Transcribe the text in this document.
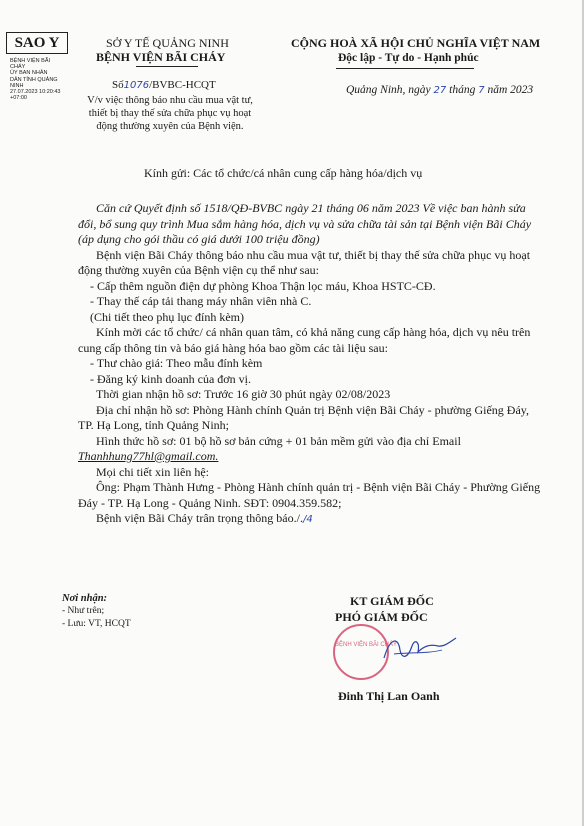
SAO Y
BỆNH VIỆN BÃI
CHÁY
ỦY BAN NHÂN
DÂN TỈNH QUẢNG
NINH
27.07.2023 10:20:43
+07:00
SỞ Y TẾ QUẢNG NINH
BỆNH VIỆN BÃI CHÁY
Số1076/BVBC-HCQT
V/v việc thông báo nhu cầu mua vật tư, thiết bị thay thế sửa chữa phục vụ hoạt động thường xuyên của Bệnh viện.
CỘNG HOÀ XÃ HỘI CHỦ NGHĨA VIỆT NAM
Độc lập - Tự do - Hạnh phúc
Quảng Ninh, ngày 27 tháng 7 năm 2023
Kính gửi: Các tổ chức/cá nhân cung cấp hàng hóa/dịch vụ

Căn cứ Quyết định số 1518/QĐ-BVBC ngày 21 tháng 06 năm 2023 Về việc ban hành sửa đổi, bổ sung quy trình Mua sắm hàng hóa, dịch vụ và sửa chữa tài sản tại Bệnh viện Bãi Cháy (áp dụng cho gói thầu có giá dưới 100 triệu đồng)

Bệnh viện Bãi Cháy thông báo nhu cầu mua vật tư, thiết bị thay thế sửa chữa phục vụ hoạt động thường xuyên của Bệnh viện cụ thể như sau:

- Cấp thêm nguồn điện dự phòng Khoa Thận lọc máu, Khoa HSTC-CĐ.

- Thay thế cáp tải thang máy nhân viên nhà C.

(Chi tiết theo phụ lục đính kèm)

Kính mời các tổ chức/ cá nhân quan tâm, có khả năng cung cấp hàng hóa, dịch vụ nêu trên cung cấp thông tin và báo giá hàng hóa bao gồm các tài liệu sau:

- Thư chào giá: Theo mẫu đính kèm

- Đăng ký kinh doanh của đơn vị.

Thời gian nhận hồ sơ: Trước 16 giờ 30 phút ngày 02/08/2023

Địa chỉ nhận hồ sơ: Phòng Hành chính Quản trị Bệnh viện Bãi Cháy - phường Giếng Đáy, TP. Hạ Long, tỉnh Quảng Ninh;

Hình thức hồ sơ: 01 bộ hồ sơ bản cứng + 01 bản mềm gửi vào địa chỉ Email

Thanhhung77hl@gmail.com.

Mọi chi tiết xin liên hệ:

Ông: Phạm Thành Hưng - Phòng Hành chính quản trị - Bệnh viện Bãi Cháy - Phường Giếng Đáy - TP. Hạ Long - Quảng Ninh. SĐT: 0904.359.582;

Bệnh viện Bãi Cháy trân trọng thông báo././4

Nơi nhận:
- Như trên;
- Lưu: VT, HCQT
KT GIÁM ĐỐC
PHÓ GIÁM ĐỐC
BỆNH VIỆN BÃI CHÁY
Đinh Thị Lan Oanh
